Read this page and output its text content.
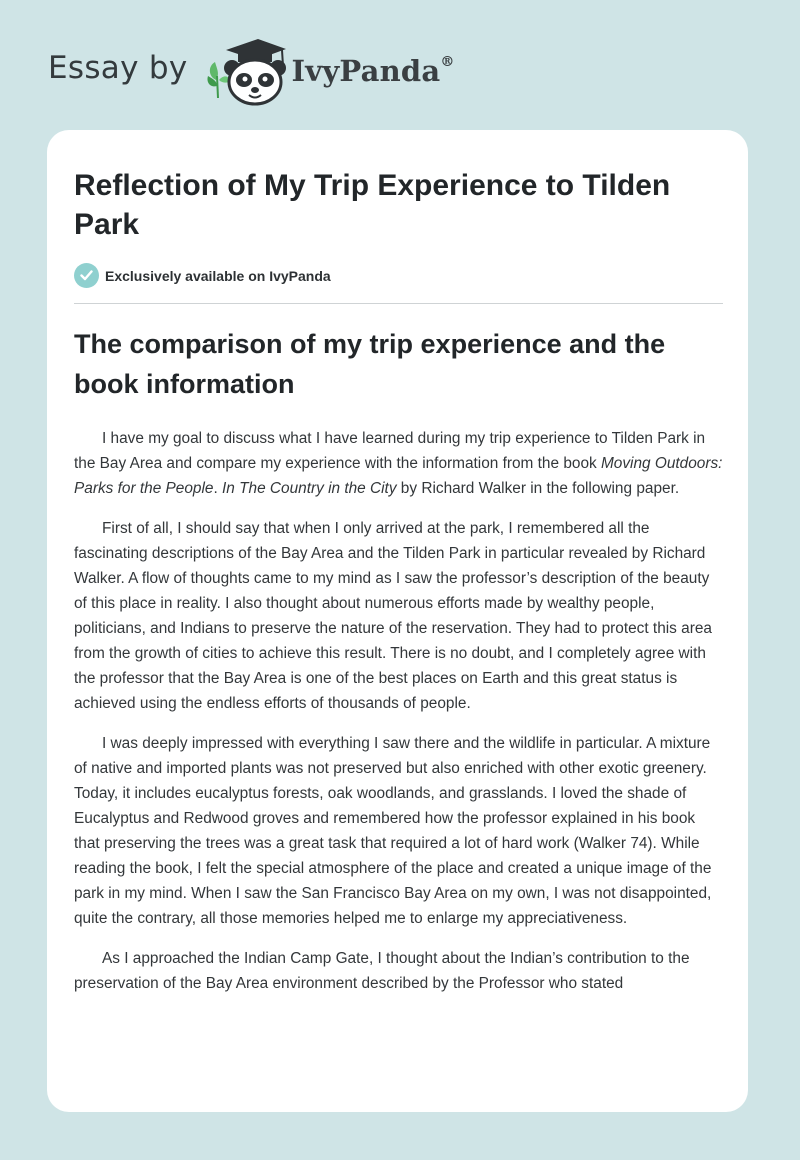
Essay by	IvyPanda®
Reflection of My Trip Experience to Tilden Park
Exclusively available on IvyPanda
The comparison of my trip experience and the book information

I have my goal to discuss what I have learned during my trip experience to Tilden Park in the Bay Area and compare my experience with the information from the book Moving Outdoors: Parks for the People. In The Country in the City by Richard Walker in the following paper.

First of all, I should say that when I only arrived at the park, I remembered all the fascinating descriptions of the Bay Area and the Tilden Park in particular revealed by Richard Walker. A flow of thoughts came to my mind as I saw the professor’s description of the beauty of this place in reality. I also thought about numerous efforts made by wealthy people, politicians, and Indians to preserve the nature of the reservation. They had to protect this area from the growth of cities to achieve this result. There is no doubt, and I completely agree with the professor that the Bay Area is one of the best places on Earth and this great status is achieved using the endless efforts of thousands of people.

I was deeply impressed with everything I saw there and the wildlife in particular. A mixture of native and imported plants was not preserved but also enriched with other exotic greenery. Today, it includes eucalyptus forests, oak woodlands, and grasslands. I loved the shade of Eucalyptus and Redwood groves and remembered how the professor explained in his book that preserving the trees was a great task that required a lot of hard work (Walker 74). While reading the book, I felt the special atmosphere of the place and created a unique image of the park in my mind. When I saw the San Francisco Bay Area on my own, I was not disappointed, quite the contrary, all those memories helped me to enlarge my appreciativeness.

As I approached the Indian Camp Gate, I thought about the Indian’s contribution to the preservation of the Bay Area environment described by the Professor who stated
